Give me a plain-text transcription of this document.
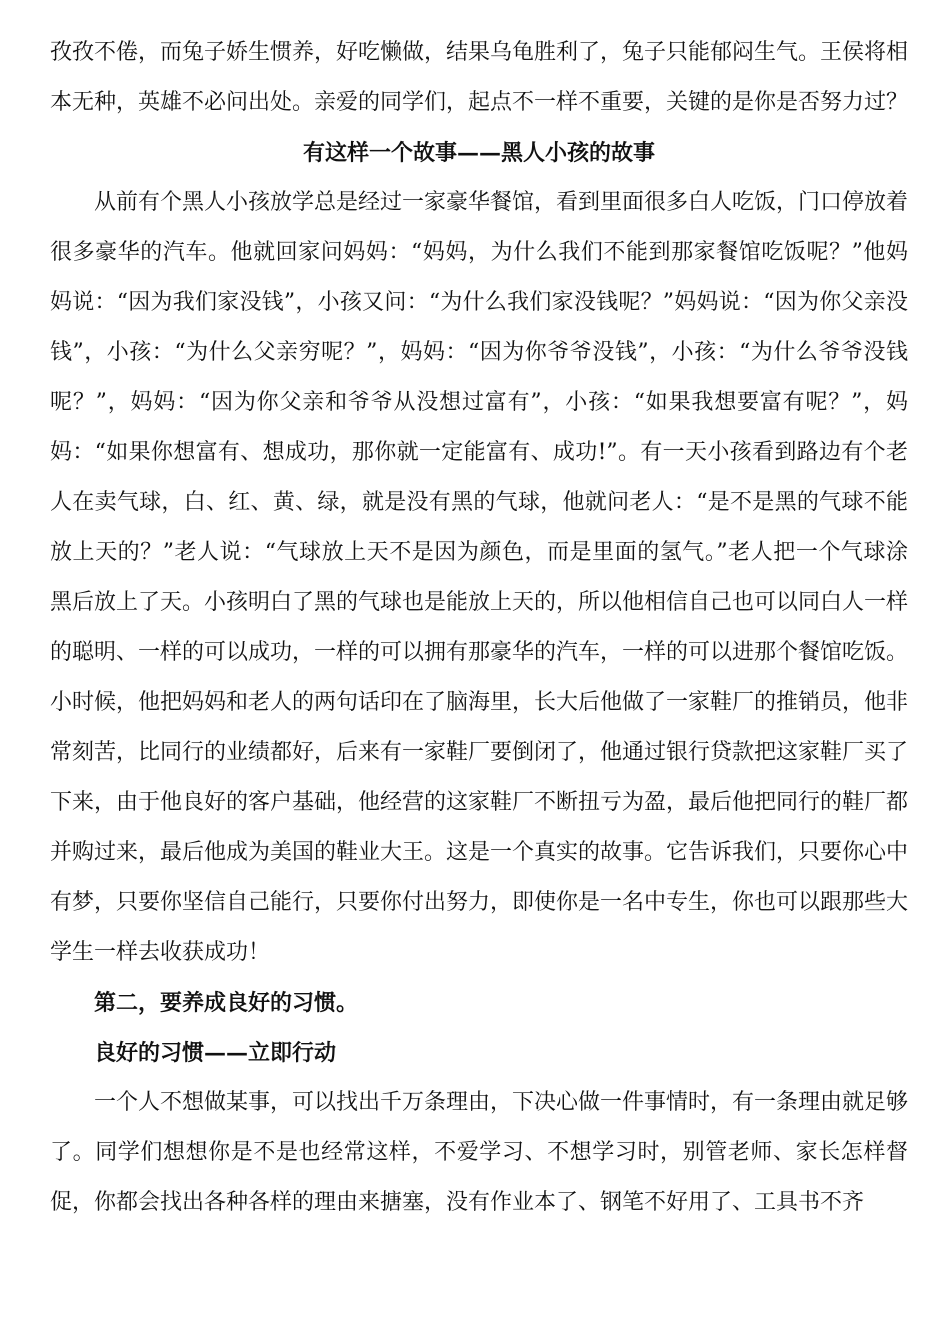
孜孜不倦，而兔子娇生惯养，好吃懒做，结果乌龟胜利了，兔子只能郁闷生气。王侯将相本无种，英雄不必问出处。亲爱的同学们，起点不一样不重要，关键的是你是否努力过？

有这样一个故事——黑人小孩的故事

从前有个黑人小孩放学总是经过一家豪华餐馆，看到里面很多白人吃饭，门口停放着很多豪华的汽车。他就回家问妈妈：“妈妈，为什么我们不能到那家餐馆吃饭呢？”他妈妈说：“因为我们家没钱”，小孩又问：“为什么我们家没钱呢？”妈妈说：“因为你父亲没钱”，小孩：“为什么父亲穷呢？”，妈妈：“因为你爷爷没钱”，小孩：“为什么爷爷没钱呢？”，妈妈：“因为你父亲和爷爷从没想过富有”，小孩：“如果我想要富有呢？”，妈妈：“如果你想富有、想成功，那你就一定能富有、成功!”。有一天小孩看到路边有个老人在卖气球，白、红、黄、绿，就是没有黑的气球，他就问老人：“是不是黑的气球不能放上天的？”老人说：“气球放上天不是因为颜色，而是里面的氢气。”老人把一个气球涂黑后放上了天。小孩明白了黑的气球也是能放上天的，所以他相信自己也可以同白人一样的聪明、一样的可以成功，一样的可以拥有那豪华的汽车，一样的可以进那个餐馆吃饭。小时候，他把妈妈和老人的两句话印在了脑海里，长大后他做了一家鞋厂的推销员，他非常刻苦，比同行的业绩都好，后来有一家鞋厂要倒闭了，他通过银行贷款把这家鞋厂买了下来，由于他良好的客户基础，他经营的这家鞋厂不断扭亏为盈，最后他把同行的鞋厂都并购过来，最后他成为美国的鞋业大王。这是一个真实的故事。它告诉我们，只要你心中有梦，只要你坚信自己能行，只要你付出努力，即使你是一名中专生，你也可以跟那些大学生一样去收获成功！

第二，要养成良好的习惯。

良好的习惯——立即行动

一个人不想做某事，可以找出千万条理由，下决心做一件事情时，有一条理由就足够了。同学们想想你是不是也经常这样，不爱学习、不想学习时，别管老师、家长怎样督促，你都会找出各种各样的理由来搪塞，没有作业本了、钢笔不好用了、工具书不齐
